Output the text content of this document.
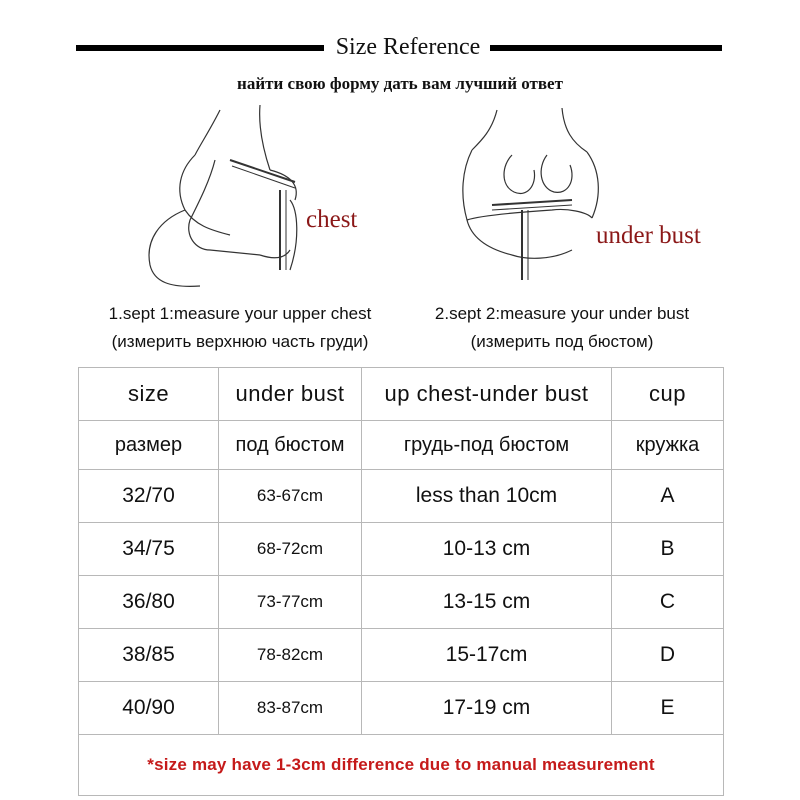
Size Reference
найти свою форму дать вам лучший ответ
chest
under bust
1.sept 1:measure your upper chest
(измерить верхнюю часть груди)
2.sept 2:measure your under bust
(измерить под бюстом)
size	under bust	up chest-under bust	cup
размер	под бюстом	грудь-под бюстом	кружка
32/70	63-67cm	less than 10cm	A
34/75	68-72cm	10-13 cm	B
36/80	73-77cm	13-15 cm	C
38/85	78-82cm	15-17cm	D
40/90	83-87cm	17-19 cm	E
*size may have 1-3cm difference due to manual measurement			
